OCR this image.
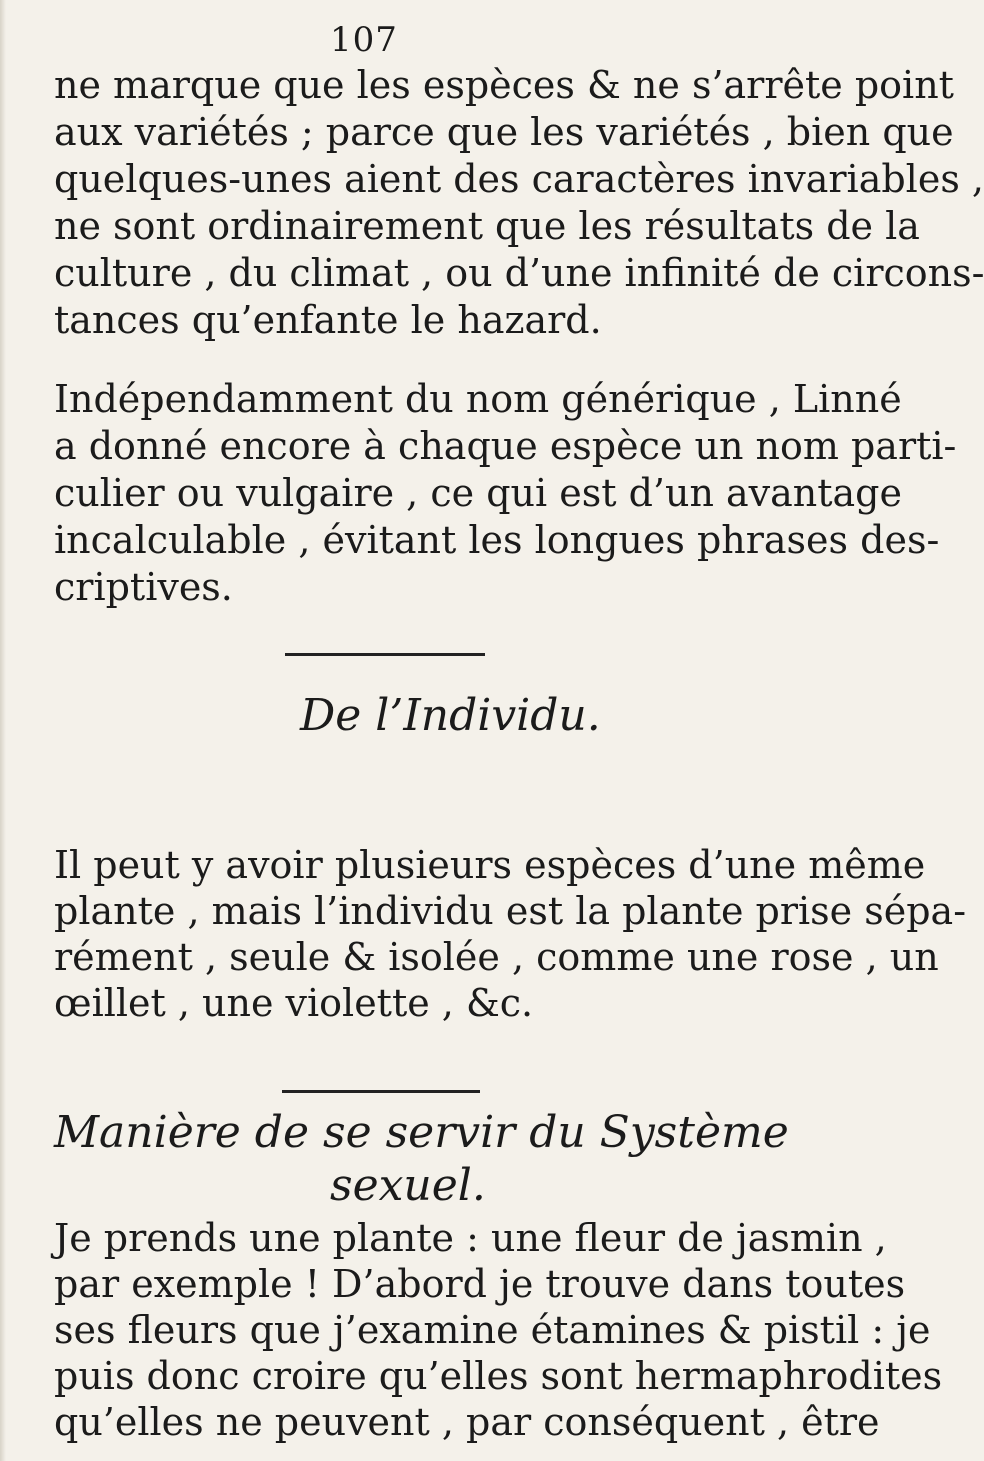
107
ne marque que les espèces & ne s’arrête point
aux variétés ; parce que les variétés , bien que
quelques-unes aient des caractères invariables ,
ne sont ordinairement que les résultats de la
culture , du climat , ou d’une infinité de circons-
tances qu’enfante le hazard.
Indépendamment du nom générique , Linné
a donné encore à chaque espèce un nom parti-
culier ou vulgaire , ce qui est d’un avantage
incalculable , évitant les longues phrases des-
criptives.
De l’Individu.
Il peut y avoir plusieurs espèces d’une même
plante , mais l’individu est la plante prise sépa-
rément , seule & isolée , comme une rose , un
œillet , une violette , &c.
Manière de se servir du Système
sexuel.
Je prends une plante : une fleur de jasmin ,
par exemple ! D’abord je trouve dans toutes
ses fleurs que j’examine étamines & pistil : je
puis donc croire qu’elles sont hermaphrodites
qu’elles ne peuvent , par conséquent , être
